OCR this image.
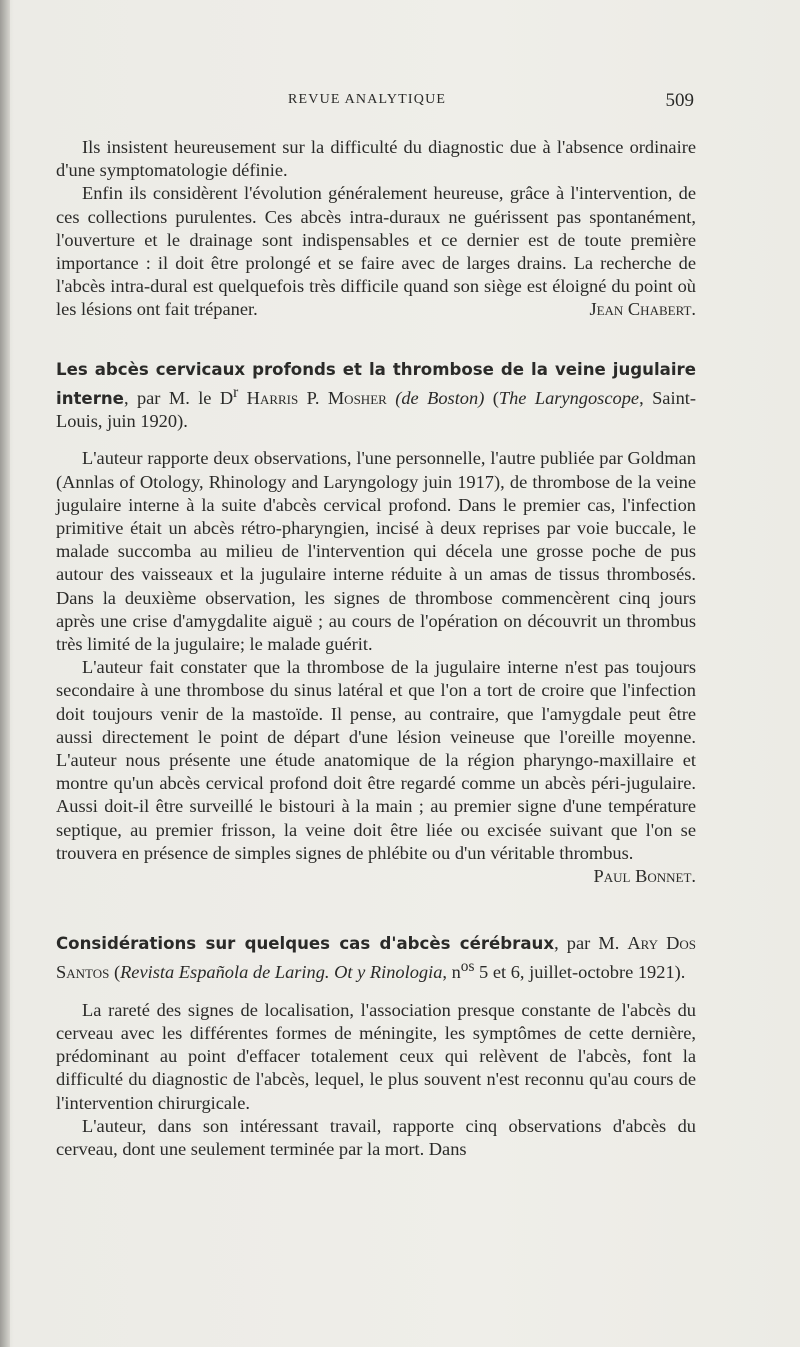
REVUE ANALYTIQUE	509

Ils insistent heureusement sur la difficulté du diagnostic due à l'absence ordinaire d'une symptomatologie définie.

Enfin ils considèrent l'évolution généralement heureuse, grâce à l'intervention, de ces collections purulentes. Ces abcès intra-duraux ne guérissent pas spontanément, l'ouverture et le drainage sont indispensables et ce dernier est de toute première importance : il doit être prolongé et se faire avec de larges drains. La recherche de l'abcès intra-dural est quelquefois très difficile quand son siège est éloigné du point où les lésions ont fait trépaner.	Jean Chabert.

Les abcès cervicaux profonds et la thrombose de la veine jugulaire interne, par M. le $D^r$ Harris P. Mosher (de Boston) (The Laryngoscope, Saint-Louis, juin 1920).

L'auteur rapporte deux observations, l'une personnelle, l'autre publiée par Goldman (Annlas of Otology, Rhinology and Laryngology juin 1917), de thrombose de la veine jugulaire interne à la suite d'abcès cervical profond. Dans le premier cas, l'infection primitive était un abcès rétro-pharyngien, incisé à deux reprises par voie buccale, le malade succomba au milieu de l'intervention qui décela une grosse poche de pus autour des vaisseaux et la jugulaire interne réduite à un amas de tissus thrombosés. Dans la deuxième observation, les signes de thrombose commencèrent cinq jours après une crise d'amygdalite aiguë ; au cours de l'opération on découvrit un thrombus très limité de la jugulaire; le malade guérit.

L'auteur fait constater que la thrombose de la jugulaire interne n'est pas toujours secondaire à une thrombose du sinus latéral et que l'on a tort de croire que l'infection doit toujours venir de la mastoïde. Il pense, au contraire, que l'amygdale peut être aussi directement le point de départ d'une lésion veineuse que l'oreille moyenne. L'auteur nous présente une étude anatomique de la région pharyngo-maxillaire et montre qu'un abcès cervical profond doit être regardé comme un abcès péri-jugulaire. Aussi doit-il être surveillé le bistouri à la main ; au premier signe d'une température septique, au premier frisson, la veine doit être liée ou excisée suivant que l'on se trouvera en présence de simples signes de phlébite ou d'un véritable thrombus.

Paul Bonnet.

Considérations sur quelques cas d'abcès cérébraux, par M. Ary Dos Santos (Revista Española de Laring. Ot y Rinologia, $n^{os}$ 5 et 6, juillet-octobre 1921).

La rareté des signes de localisation, l'association presque constante de l'abcès du cerveau avec les différentes formes de méningite, les symptômes de cette dernière, prédominant au point d'effacer totalement ceux qui relèvent de l'abcès, font la difficulté du diagnostic de l'abcès, lequel, le plus souvent n'est reconnu qu'au cours de l'intervention chirurgicale.

L'auteur, dans son intéressant travail, rapporte cinq observations d'abcès du cerveau, dont une seulement terminée par la mort. Dans
